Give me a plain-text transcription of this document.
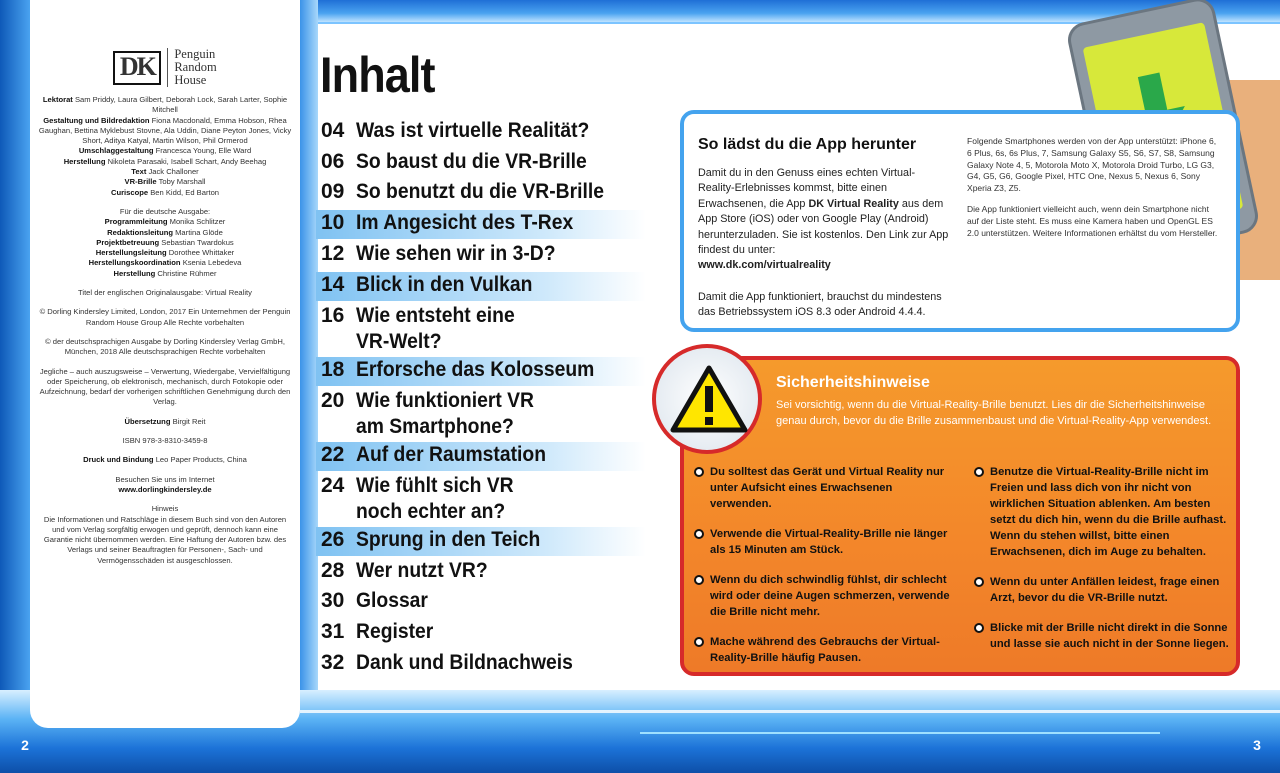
DK	Penguin
Random
House

Lektorat Sam Priddy, Laura Gilbert, Deborah Lock, Sarah Larter, Sophie Mitchell
Gestaltung und Bildredaktion Fiona Macdonald, Emma Hobson, Rhea Gaughan, Bettina Myklebust Stovne, Ala Uddin, Diane Peyton Jones, Vicky Short, Aditya Katyal, Martin Wilson, Phil Ormerod
Umschlaggestaltung Francesca Young, Elle Ward
Herstellung Nikoleta Parasaki, Isabell Schart, Andy Beehag
Text Jack Challoner
VR-Brille Toby Marshall
Curiscope Ben Kidd, Ed Barton

Für die deutsche Ausgabe:
Programmleitung Monika Schlitzer
Redaktionsleitung Martina Glöde
Projektbetreuung Sebastian Twardokus
Herstellungsleitung Dorothee Whittaker
Herstellungskoordination Ksenia Lebedeva
Herstellung Christine Rühmer

Titel der englischen Originalausgabe: Virtual Reality

© Dorling Kindersley Limited, London, 2017 Ein Unternehmen der Penguin Random House Group Alle Rechte vorbehalten

© der deutschsprachigen Ausgabe by Dorling Kindersley Verlag GmbH, München, 2018 Alle deutschsprachigen Rechte vorbehalten

Jegliche – auch auszugsweise – Verwertung, Wiedergabe, Vervielfältigung oder Speicherung, ob elektronisch, mechanisch, durch Fotokopie oder Aufzeichnung, bedarf der vorherigen schriftlichen Genehmigung durch den Verlag.

Übersetzung Birgit Reit

ISBN 978-3-8310-3459-8

Druck und Bindung Leo Paper Products, China

Besuchen Sie uns im Internet
www.dorlingkindersley.de

Hinweis
Die Informationen und Ratschläge in diesem Buch sind von den Autoren und vom Verlag sorgfältig erwogen und geprüft, dennoch kann eine Garantie nicht übernommen werden. Eine Haftung der Autoren bzw. des Verlags und seiner Beauftragten für Personen-, Sach- und Vermögensschäden ist ausgeschlossen.

2	3
Inhalt
04 Was ist virtuelle Realität?
06 So baust du die VR-Brille
09 So benutzt du die VR-Brille
10 Im Angesicht des T-Rex
12 Wie sehen wir in 3-D?
14 Blick in den Vulkan
16 Wie entsteht eine
VR-Welt?
18 Erforsche das Kolosseum
20 Wie funktioniert VR
am Smartphone?
22 Auf der Raumstation
24 Wie fühlt sich VR
noch echter an?
26 Sprung in den Teich
28 Wer nutzt VR?
30 Glossar
31 Register
32 Dank und Bildnachweis
So lädst du die App herunter

Damit du in den Genuss eines echten Virtual-Reality-Erlebnisses kommst, bitte einen Erwachsenen, die App DK Virtual Reality aus dem App Store (iOS) oder von Google Play (Android) herunterzuladen. Sie ist kostenlos. Den Link zur App findest du unter:

www.dk.com/virtualreality

Damit die App funktioniert, brauchst du mindestens das Betriebssystem iOS 8.3 oder Android 4.4.4.

Folgende Smartphones werden von der App unterstützt: iPhone 6, 6 Plus, 6s, 6s Plus, 7, Samsung Galaxy S5, S6, S7, S8, Samsung Galaxy Note 4, 5, Motorola Moto X, Motorola Droid Turbo, LG G3, G4, G5, G6, Google Pixel, HTC One, Nexus 5, Nexus 6, Sony Xperia Z3, Z5.

Die App funktioniert vielleicht auch, wenn dein Smartphone nicht auf der Liste steht. Es muss eine Kamera haben und OpenGL ES 2.0 unterstützen. Weitere Informationen erhältst du vom Hersteller.

Sicherheitshinweise

Sei vorsichtig, wenn du die Virtual-Reality-Brille benutzt. Lies dir die Sicherheitshinweise genau durch, bevor du die Brille zusammenbaust und die Virtual-Reality-App verwendest.

Du solltest das Gerät und Virtual Reality nur unter Aufsicht eines Erwachsenen verwenden.
Verwende die Virtual-Reality-Brille nie länger als 15 Minuten am Stück.
Wenn du dich schwindlig fühlst, dir schlecht wird oder deine Augen schmerzen, verwende die Brille nicht mehr.
Mache während des Gebrauchs der Virtual-Reality-Brille häufig Pausen.
Benutze die Virtual-Reality-Brille nicht im Freien und lass dich von ihr nicht von wirklichen Situation ablenken. Am besten setzt du dich hin, wenn du die Brille aufhast. Wenn du stehen willst, bitte einen Erwachsenen, dich im Auge zu behalten.
Wenn du unter Anfällen leidest, frage einen Arzt, bevor du die VR-Brille nutzt.
Blicke mit der Brille nicht direkt in die Sonne und lasse sie auch nicht in der Sonne liegen.
